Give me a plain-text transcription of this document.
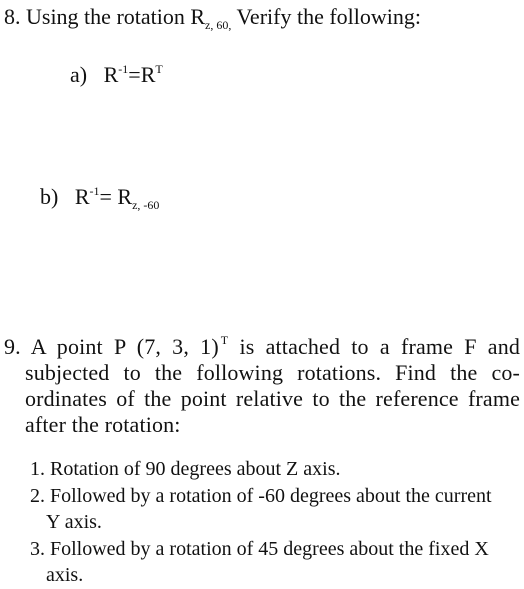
8. Using the rotation $R_{z, 60,}$ Verify the following:
a) $R^{-1}=R^T$
b) $R^{-1}= R_{z, -60}$
9. A point P (7, 3, 1) $^T$ is attached to a frame F and subjected to the following rotations. Find the co-ordinates of the point relative to the reference frame after the rotation:
1. Rotation of 90 degrees about Z axis.
2. Followed by a rotation of -60 degrees about the current Y axis.
3. Followed by a rotation of 45 degrees about the fixed X axis.
